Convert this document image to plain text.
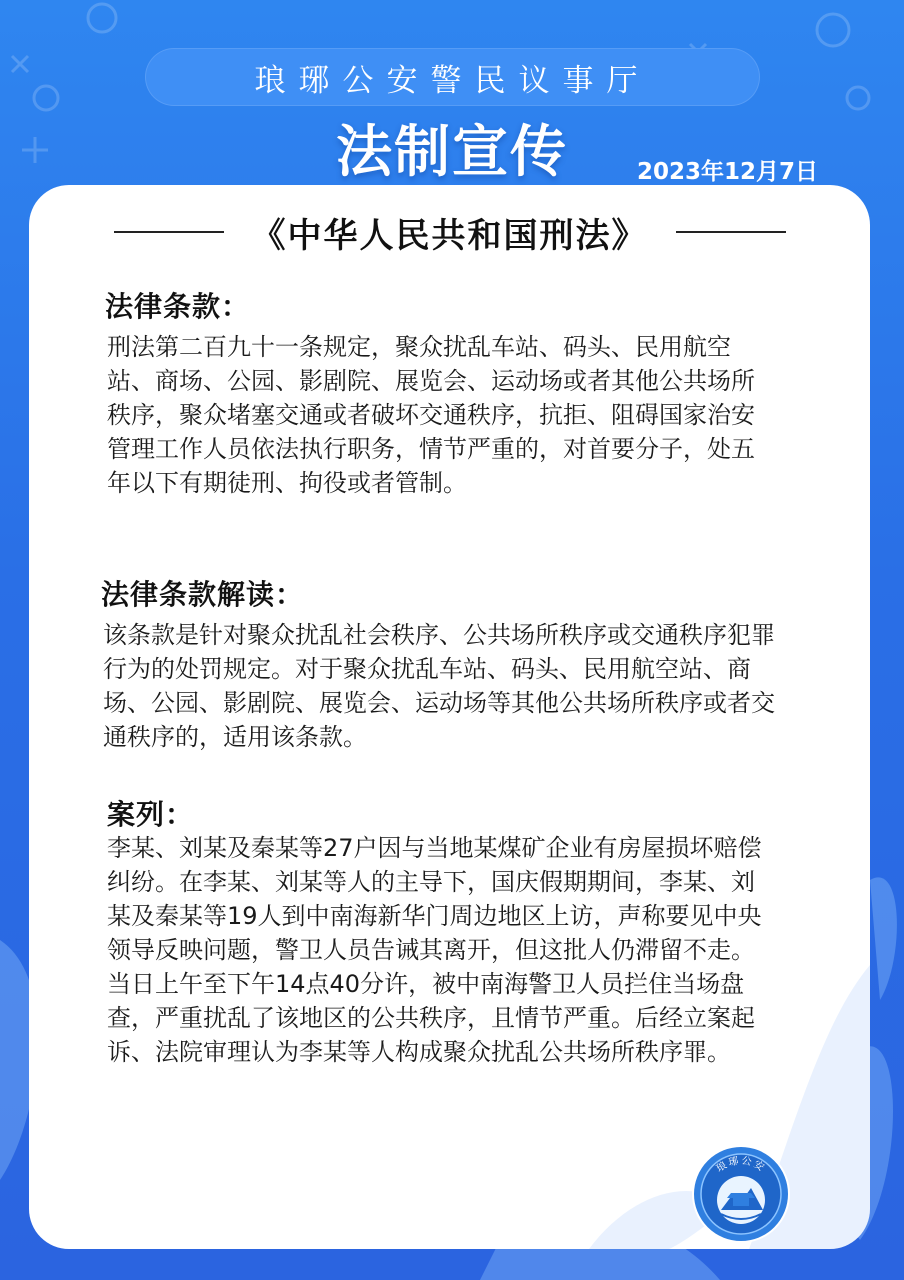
琅琊公安警民议事厅
法制宣传	2023年12月7日
《中华人民共和国刑法》
法律条款：
刑法第二百九十一条规定，聚众扰乱车站、码头、民用航空
站、商场、公园、影剧院、展览会、运动场或者其他公共场所
秩序，聚众堵塞交通或者破坏交通秩序，抗拒、阻碍国家治安
管理工作人员依法执行职务，情节严重的，对首要分子，处五
年以下有期徒刑、拘役或者管制。
法律条款解读：
该条款是针对聚众扰乱社会秩序、公共场所秩序或交通秩序犯罪
行为的处罚规定。对于聚众扰乱车站、码头、民用航空站、商
场、公园、影剧院、展览会、运动场等其他公共场所秩序或者交
通秩序的，适用该条款。
案列：
李某、刘某及秦某等27户因与当地某煤矿企业有房屋损坏赔偿
纠纷。在李某、刘某等人的主导下，国庆假期期间，李某、刘
某及秦某等19人到中南海新华门周边地区上访，声称要见中央
领导反映问题，警卫人员告诫其离开，但这批人仍滞留不走。
当日上午至下午14点40分许，被中南海警卫人员拦住当场盘
查，严重扰乱了该地区的公共秩序，且情节严重。后经立案起
诉、法院审理认为李某等人构成聚众扰乱公共场所秩序罪。
琅琊公安
